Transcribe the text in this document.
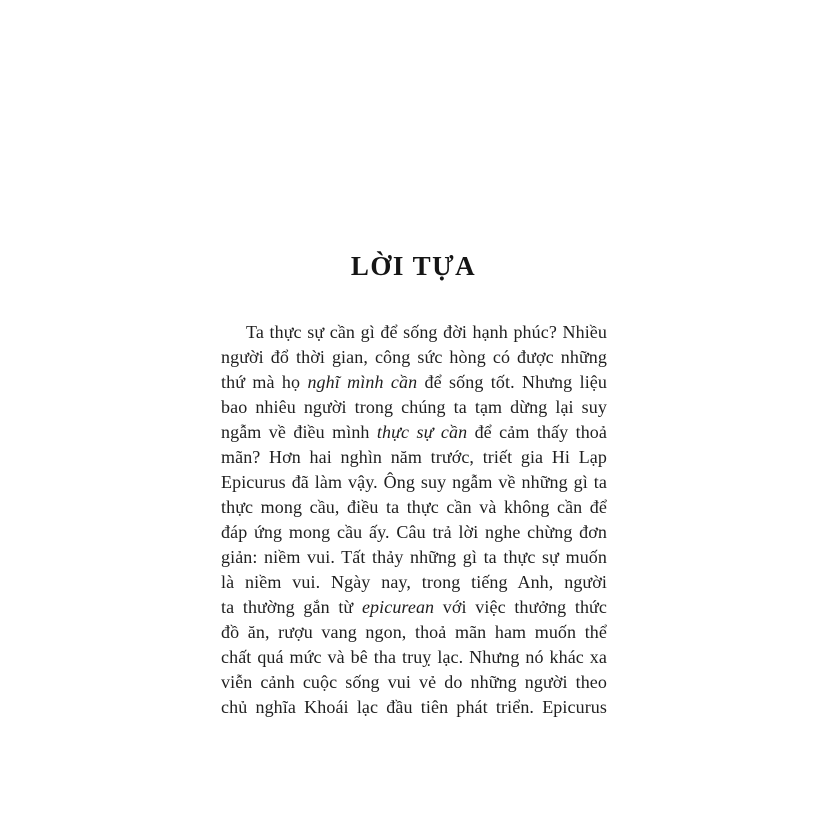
LỜI TỰA
Ta thực sự cần gì để sống đời hạnh phúc? Nhiều
người đổ thời gian, công sức hòng có được những
thứ mà họ nghĩ mình cần để sống tốt. Nhưng liệu
bao nhiêu người trong chúng ta tạm dừng lại suy
ngẫm về điều mình thực sự cần để cảm thấy thoả
mãn? Hơn hai nghìn năm trước, triết gia Hi Lạp
Epicurus đã làm vậy. Ông suy ngẫm về những gì ta
thực mong cầu, điều ta thực cần và không cần để
đáp ứng mong cầu ấy. Câu trả lời nghe chừng đơn
giản: niềm vui. Tất thảy những gì ta thực sự muốn
là niềm vui. Ngày nay, trong tiếng Anh, người
ta thường gắn từ epicurean với việc thưởng thức
đồ ăn, rượu vang ngon, thoả mãn ham muốn thể
chất quá mức và bê tha truỵ lạc. Nhưng nó khác xa
viễn cảnh cuộc sống vui vẻ do những người theo
chủ nghĩa Khoái lạc đầu tiên phát triển. Epicurus
